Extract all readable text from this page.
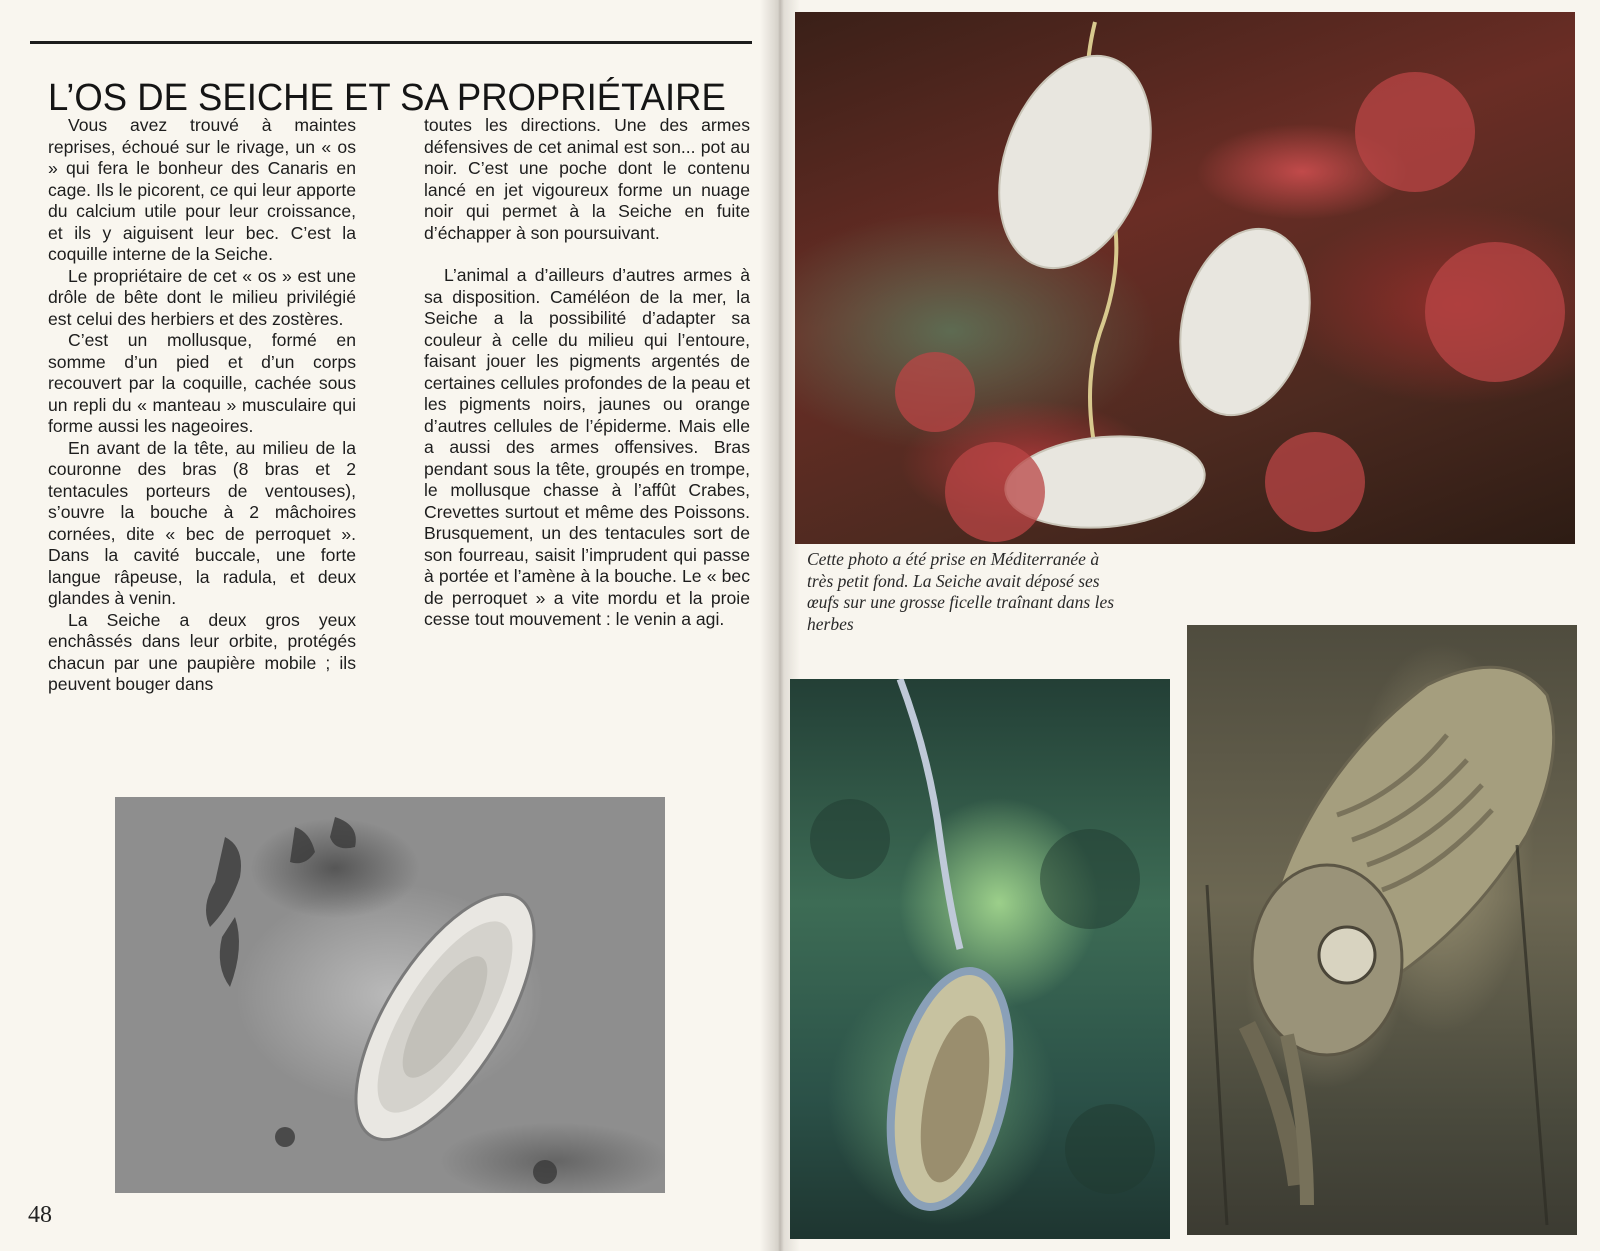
L’OS DE SEICHE ET SA PROPRIÉTAIRE

Vous avez trouvé à maintes reprises, échoué sur le rivage, un « os » qui fera le bonheur des Canaris en cage. Ils le picorent, ce qui leur apporte du calcium utile pour leur croissance, et ils y aiguisent leur bec. C’est la coquille interne de la Seiche.

Le propriétaire de cet « os » est une drôle de bête dont le milieu privilégié est celui des herbiers et des zostères.

C’est un mollusque, formé en somme d’un pied et d’un corps recouvert par la coquille, cachée sous un repli du « manteau » musculaire qui forme aussi les nageoires.

En avant de la tête, au milieu de la couronne des bras (8 bras et 2 tentacules porteurs de ventouses), s’ouvre la bouche à 2 mâchoires cornées, dite « bec de perroquet ». Dans la cavité buccale, une forte langue râpeuse, la radula, et deux glandes à venin.

La Seiche a deux gros yeux enchâssés dans leur orbite, protégés chacun par une paupière mobile ; ils peuvent bouger dans

toutes les directions. Une des armes défensives de cet animal est son... pot au noir. C’est une poche dont le contenu lancé en jet vigoureux forme un nuage noir qui permet à la Seiche en fuite d’échapper à son poursuivant.

L’animal a d’ailleurs d’autres armes à sa disposition. Caméléon de la mer, la Seiche a la possibilité d’adapter sa couleur à celle du milieu qui l’entoure, faisant jouer les pigments argentés de certaines cellules profondes de la peau et les pigments noirs, jaunes ou orange d’autres cellules de l’épiderme. Mais elle a aussi des armes offensives. Bras pendant sous la tête, groupés en trompe, le mollusque chasse à l’affût Crabes, Crevettes surtout et même des Poissons. Brusquement, un des tentacules sort de son fourreau, saisit l’imprudent qui passe à portée et l’amène à la bouche. Le « bec de perroquet » a vite mordu et la proie cesse tout mouvement : le venin a agi.

Cette photo a été prise en Méditerranée à très petit fond. La Seiche avait déposé ses œufs sur une grosse ficelle traînant dans les herbes
48
